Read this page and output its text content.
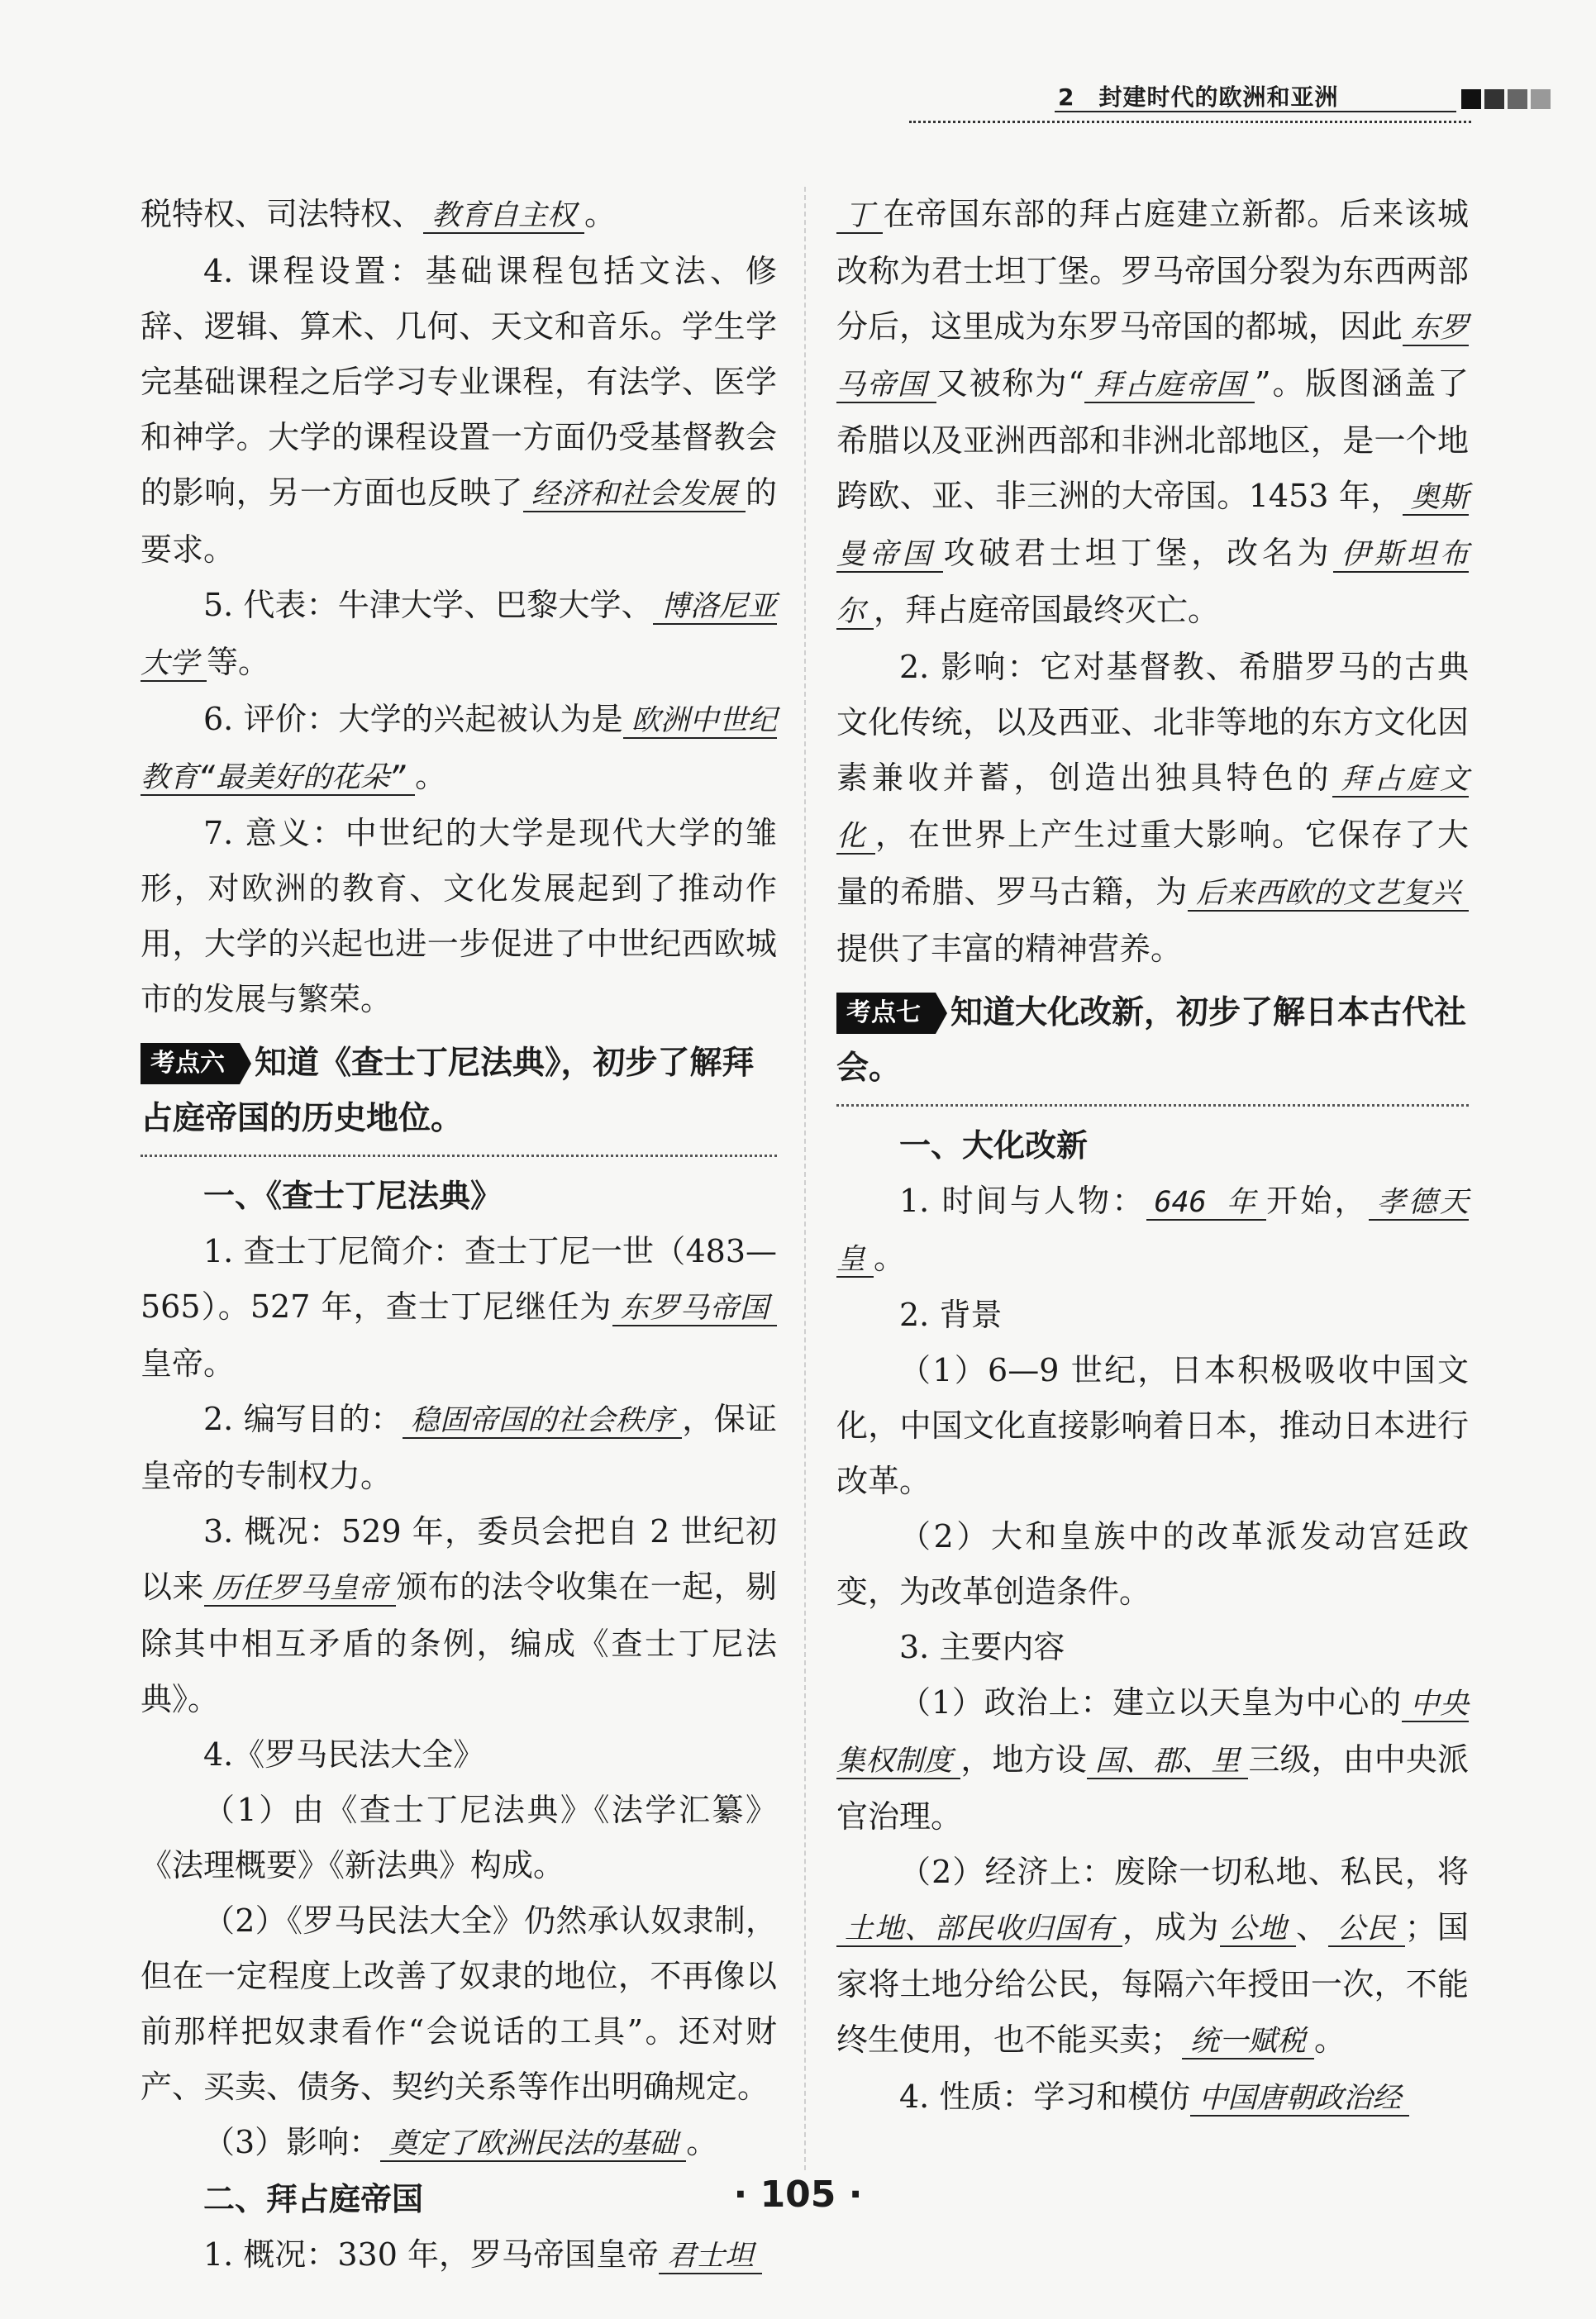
2　封建时代的欧洲和亚洲
税特权、司法特权、 教育自主权 。
4. 课程设置：基础课程包括文法、修辞、逻辑、算术、几何、天文和音乐。学生学完基础课程之后学习专业课程，有法学、医学和神学。大学的课程设置一方面仍受基督教会的影响，另一方面也反映了 经济和社会发展 的要求。
5. 代表：牛津大学、巴黎大学、 博洛尼亚大学 等。
6. 评价：大学的兴起被认为是 欧洲中世纪教育“最美好的花朵” 。
7. 意义：中世纪的大学是现代大学的雏形，对欧洲的教育、文化发展起到了推动作用，大学的兴起也进一步促进了中世纪西欧城市的发展与繁荣。
考点六 知道《查士丁尼法典》，初步了解拜占庭帝国的历史地位。
一、《查士丁尼法典》
1. 查士丁尼简介：查士丁尼一世（483—565）。527 年，查士丁尼继任为 东罗马帝国皇帝。
2. 编写目的： 稳固帝国的社会秩序 ，保证皇帝的专制权力。
3. 概况：529 年，委员会把自 2 世纪初以来 历任罗马皇帝 颁布的法令收集在一起，剔除其中相互矛盾的条例，编成《查士丁尼法典》。
4.《罗马民法大全》
（1）由《查士丁尼法典》《法学汇纂》《法理概要》《新法典》构成。
（2）《罗马民法大全》仍然承认奴隶制，但在一定程度上改善了奴隶的地位，不再像以前那样把奴隶看作“会说话的工具”。还对财产、买卖、债务、契约关系等作出明确规定。
（3）影响： 奠定了欧洲民法的基础 。
二、拜占庭帝国
1. 概况：330 年，罗马帝国皇帝 君士坦
丁 在帝国东部的拜占庭建立新都。后来该城改称为君士坦丁堡。罗马帝国分裂为东西两部分后，这里成为东罗马帝国的都城，因此 东罗马帝国 又被称为“ 拜占庭帝国 ”。版图涵盖了希腊以及亚洲西部和非洲北部地区，是一个地跨欧、亚、非三洲的大帝国。1453 年， 奥斯曼帝国 攻破君士坦丁堡，改名为 伊斯坦布尔 ，拜占庭帝国最终灭亡。
2. 影响：它对基督教、希腊罗马的古典文化传统，以及西亚、北非等地的东方文化因素兼收并蓄，创造出独具特色的 拜占庭文化 ，在世界上产生过重大影响。它保存了大量的希腊、罗马古籍，为 后来西欧的文艺复兴提供了丰富的精神营养。
考点七 知道大化改新，初步了解日本古代社会。
一、大化改新
1. 时间与人物： 646 年 开始， 孝德天皇 。
2. 背景
（1）6—9 世纪，日本积极吸收中国文化，中国文化直接影响着日本，推动日本进行改革。
（2）大和皇族中的改革派发动宫廷政变，为改革创造条件。
3. 主要内容
（1）政治上：建立以天皇为中心的 中央集权制度 ，地方设 国、郡、里 三级，由中央派官治理。
（2）经济上：废除一切私地、私民，将土地、部民收归国有 ，成为 公地 、 公民 ；国家将土地分给公民，每隔六年授田一次，不能终生使用，也不能买卖； 统一赋税 。
4. 性质：学习和模仿 中国唐朝政治经
· 105 ·
